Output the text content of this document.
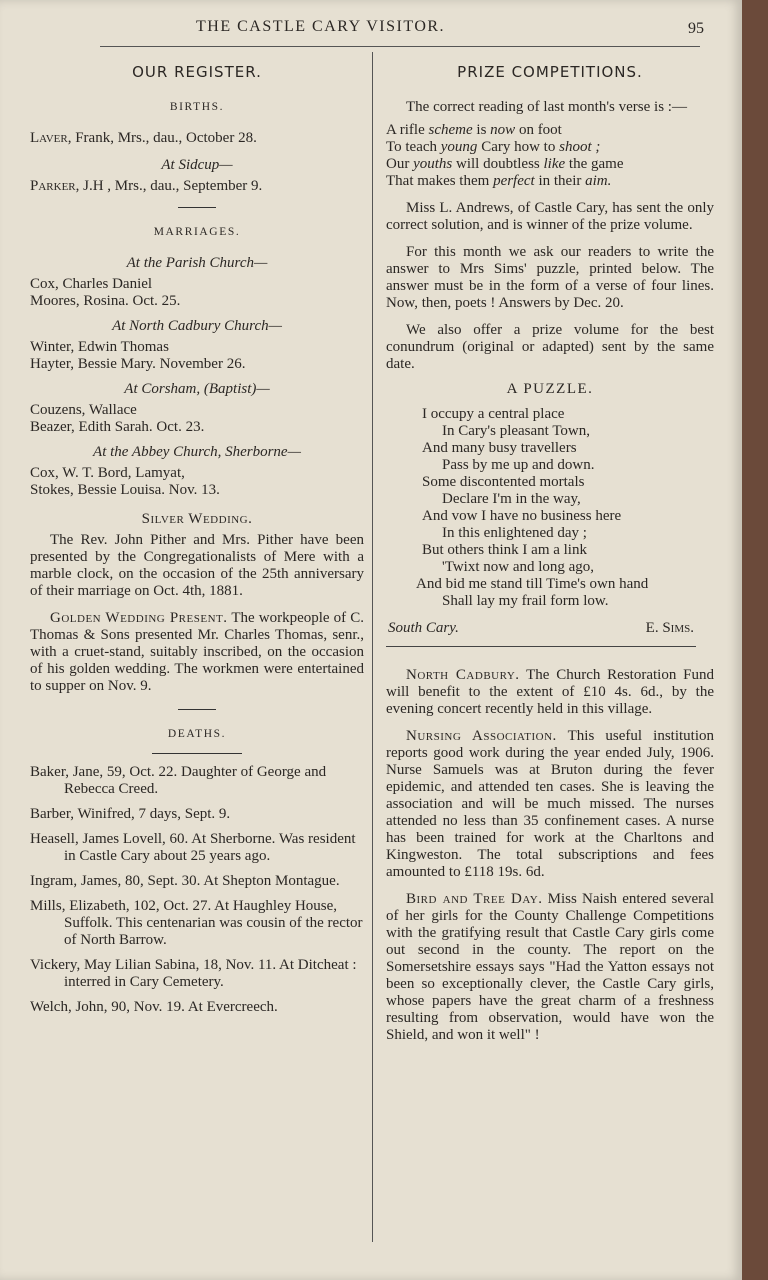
THE CASTLE CARY VISITOR.	95
OUR REGISTER.
BIRTHS.
Laver, Frank, Mrs., dau., October 28.
At Sidcup—
Parker, J.H , Mrs., dau., September 9.
MARRIAGES.
At the Parish Church—
Cox, Charles Daniel
Moores, Rosina. Oct. 25.
At North Cadbury Church—
Winter, Edwin Thomas
Hayter, Bessie Mary. November 26.
At Corsham, (Baptist)—
Couzens, Wallace
Beazer, Edith Sarah. Oct. 23.
At the Abbey Church, Sherborne—
Cox, W. T. Bord, Lamyat,
Stokes, Bessie Louisa. Nov. 13.
Silver Wedding.
The Rev. John Pither and Mrs. Pither have been presented by the Congregationalists of Mere with a marble clock, on the occasion of the 25th anniversary of their marriage on Oct. 4th, 1881.
Golden Wedding Present. The workpeople of C. Thomas & Sons presented Mr. Charles Thomas, senr., with a cruet-stand, suitably inscribed, on the occasion of his golden wedding. The workmen were entertained to supper on Nov. 9.
DEATHS.
Baker, Jane, 59, Oct. 22. Daughter of George and Rebecca Creed.
Barber, Winifred, 7 days, Sept. 9.
Heasell, James Lovell, 60. At Sherborne. Was resident in Castle Cary about 25 years ago.
Ingram, James, 80, Sept. 30. At Shepton Montague.
Mills, Elizabeth, 102, Oct. 27. At Haughley House, Suffolk. This centenarian was cousin of the rector of North Barrow.
Vickery, May Lilian Sabina, 18, Nov. 11. At Ditcheat : interred in Cary Cemetery.
Welch, John, 90, Nov. 19. At Evercreech.
PRIZE COMPETITIONS.
The correct reading of last month's verse is :—
A rifle scheme is now on foot
To teach young Cary how to shoot ;
Our youths will doubtless like the game
That makes them perfect in their aim.
Miss L. Andrews, of Castle Cary, has sent the only correct solution, and is winner of the prize volume.
For this month we ask our readers to write the answer to Mrs Sims' puzzle, printed below. The answer must be in the form of a verse of four lines. Now, then, poets ! Answers by Dec. 20.
We also offer a prize volume for the best conundrum (original or adapted) sent by the same date.
A PUZZLE.
I occupy a central place
In Cary's pleasant Town,
And many busy travellers
Pass by me up and down.
Some discontented mortals
Declare I'm in the way,
And vow I have no business here
In this enlightened day ;
But others think I am a link
'Twixt now and long ago,
And bid me stand till Time's own hand
Shall lay my frail form low.
South Cary.	E. Sims.
North Cadbury. The Church Restoration Fund will benefit to the extent of £10 4s. 6d., by the evening concert recently held in this village.
Nursing Association. This useful institution reports good work during the year ended July, 1906. Nurse Samuels was at Bruton during the fever epidemic, and attended ten cases. She is leaving the association and will be much missed. The nurses attended no less than 35 confinement cases. A nurse has been trained for work at the Charltons and Kingweston. The total subscriptions and fees amounted to £118 19s. 6d.
Bird and Tree Day. Miss Naish entered several of her girls for the County Challenge Competitions with the gratifying result that Castle Cary girls come out second in the county. The report on the Somersetshire essays says "Had the Yatton essays not been so exceptionally clever, the Castle Cary girls, whose papers have the great charm of a freshness resulting from observation, would have won the Shield, and won it well" !
